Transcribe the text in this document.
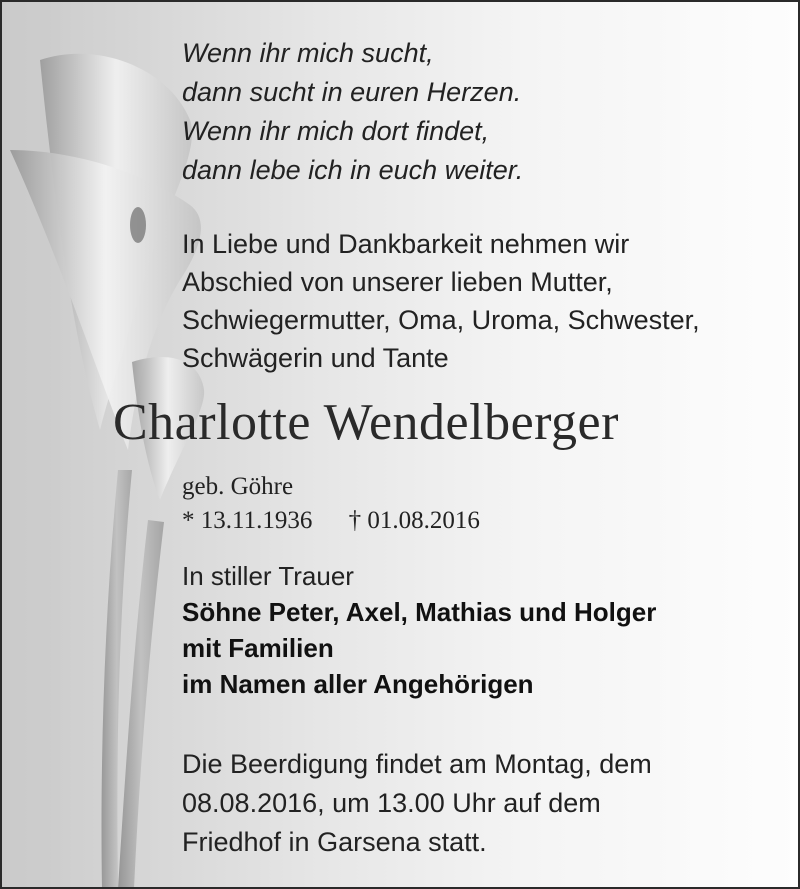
Wenn ihr mich sucht,
dann sucht in euren Herzen.
Wenn ihr mich dort findet,
dann lebe ich in euch weiter.
In Liebe und Dankbarkeit nehmen wir
Abschied von unserer lieben Mutter,
Schwiegermutter, Oma, Uroma, Schwester,
Schwägerin und Tante
Charlotte Wendelberger
geb. Göhre
* 13.11.1936 † 01.08.2016
In stiller Trauer
Söhne Peter, Axel, Mathias und Holger
mit Familien
im Namen aller Angehörigen
Die Beerdigung findet am Montag, dem
08.08.2016, um 13.00 Uhr auf dem
Friedhof in Garsena statt.
